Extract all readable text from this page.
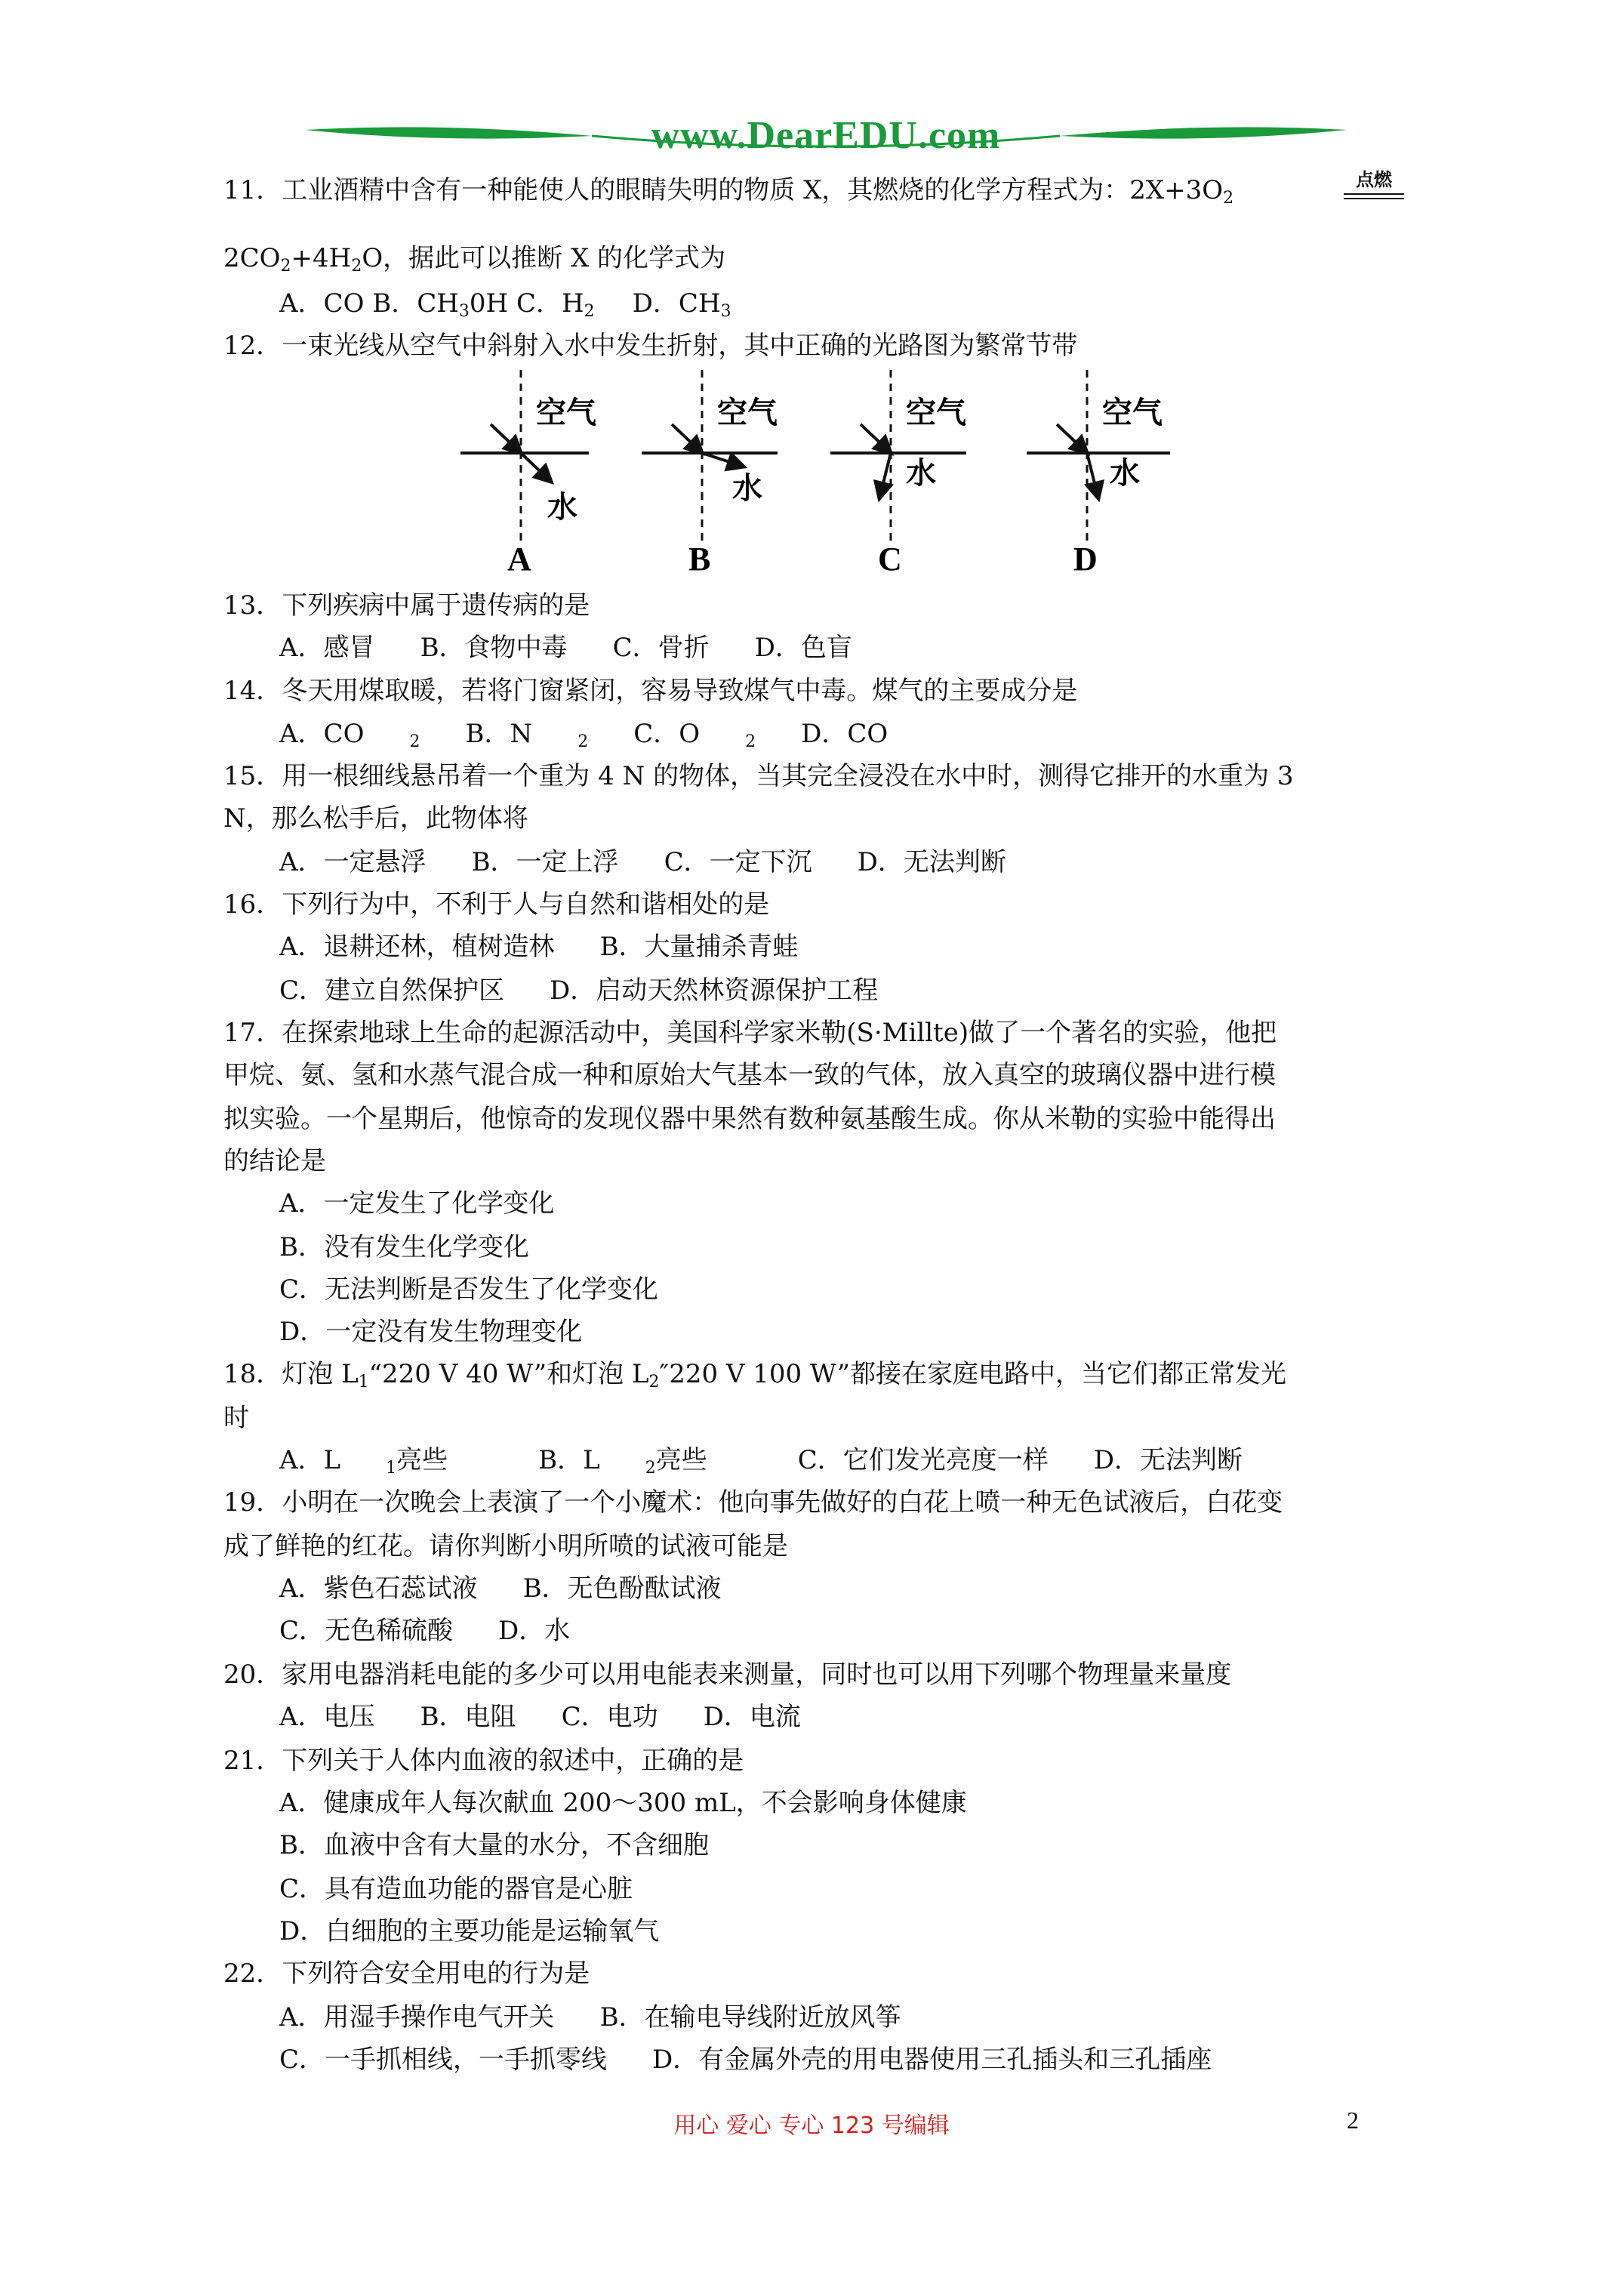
www.DearEDU.com
11．工业酒精中含有一种能使人的眼睛失明的物质 X，其燃烧的化学方程式为：$2X+3O_2$
点燃
$2CO_2+4H_2O$，据此可以推断 X 的化学式为
A．CO B．$CH_30H$ C．$H_2$ D．$CH_3$
12．一束光线从空气中斜射入水中发生折射，其中正确的光路图为繁常节带
空气
水
A
空气
水
B
空气
水
C
空气
水
D
13．下列疾病中属于遗传病的是
A．感冒 B．食物中毒 C．骨折 D．色盲
14．冬天用煤取暖，若将门窗紧闭，容易导致煤气中毒。煤气的主要成分是
A．CO	$_2$ B．N	$_2$ C．O	$_2$ D．CO
15．用一根细线悬吊着一个重为 4 N 的物体，当其完全浸没在水中时，测得它排开的水重为 3
N，那么松手后，此物体将
A．一定悬浮 B．一定上浮 C．一定下沉 D．无法判断
16．下列行为中，不利于人与自然和谐相处的是
A．退耕还林，植树造林 B．大量捕杀青蛙
C．建立自然保护区 D．启动天然林资源保护工程
17．在探索地球上生命的起源活动中，美国科学家米勒(S·Millte)做了一个著名的实验，他把
甲烷、氨、氢和水蒸气混合成一种和原始大气基本一致的气体，放入真空的玻璃仪器中进行模
拟实验。一个星期后，他惊奇的发现仪器中果然有数种氨基酸生成。你从米勒的实验中能得出
的结论是
A．一定发生了化学变化
B．没有发生化学变化
C．无法判断是否发生了化学变化
D．一定没有发生物理变化
18．灯泡 $L_1“220$ V 40 W”和灯泡 $L_2''220$ V 100 W”都接在家庭电路中，当它们都正常发光
时
A．L	$_1$亮些	B．L	$_2$亮些	C．它们发光亮度一样 D．无法判断
19．小明在一次晚会上表演了一个小魔术：他向事先做好的白花上喷一种无色试液后，白花变
成了鲜艳的红花。请你判断小明所喷的试液可能是
A．紫色石蕊试液 B．无色酚酞试液
C．无色稀硫酸 D．水
20．家用电器消耗电能的多少可以用电能表来测量，同时也可以用下列哪个物理量来量度
A．电压 B．电阻 C．电功 D．电流
21．下列关于人体内血液的叙述中，正确的是
A．健康成年人每次献血 200～300 mL，不会影响身体健康
B．血液中含有大量的水分，不含细胞
C．具有造血功能的器官是心脏
D．白细胞的主要功能是运输氧气
22．下列符合安全用电的行为是
A．用湿手操作电气开关 B．在输电导线附近放风筝
C．一手抓相线，一手抓零线 D．有金属外壳的用电器使用三孔插头和三孔插座
用心 爱心 专心 123 号编辑	2
